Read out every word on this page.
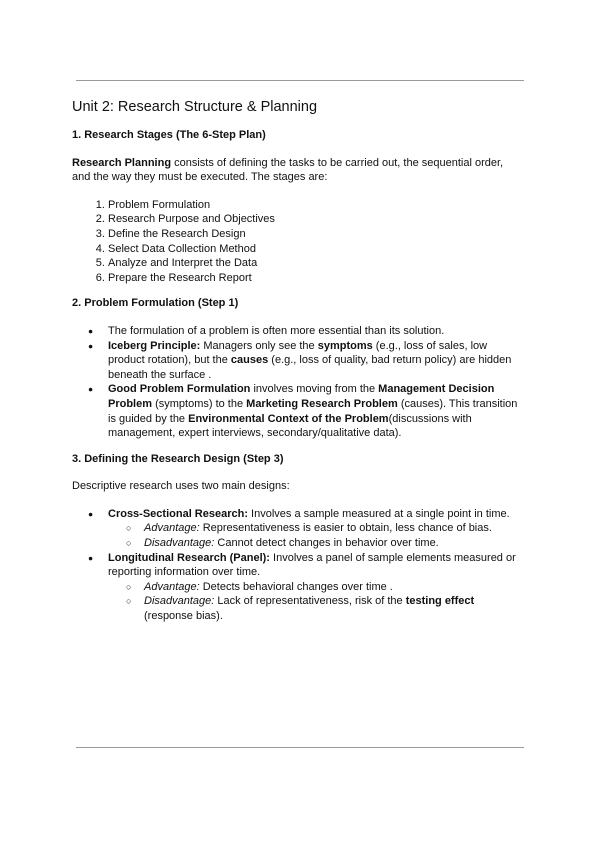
Unit 2: Research Structure & Planning
1. Research Stages (The 6-Step Plan)

Research Planning consists of defining the tasks to be carried out, the sequential order, and the way they must be executed. The stages are:

1. Problem Formulation
2. Research Purpose and Objectives
3. Define the Research Design
4. Select Data Collection Method
5. Analyze and Interpret the Data
6. Prepare the Research Report
2. Problem Formulation (Step 1)
● The formulation of a problem is often more essential than its solution.
● Iceberg Principle: Managers only see the symptoms (e.g., loss of sales, low product rotation), but the causes (e.g., loss of quality, bad return policy) are hidden beneath the surface .
● Good Problem Formulation involves moving from the Management Decision Problem (symptoms) to the Marketing Research Problem (causes). This transition is guided by the Environmental Context of the Problem(discussions with management, expert interviews, secondary/qualitative data).
3. Defining the Research Design (Step 3)

Descriptive research uses two main designs:

● Cross-Sectional Research: Involves a sample measured at a single point in time.
○ Advantage: Representativeness is easier to obtain, less chance of bias.
○ Disadvantage: Cannot detect changes in behavior over time.
● Longitudinal Research (Panel): Involves a panel of sample elements measured or reporting information over time.
○ Advantage: Detects behavioral changes over time .
○ Disadvantage: Lack of representativeness, risk of the testing effect (response bias).
